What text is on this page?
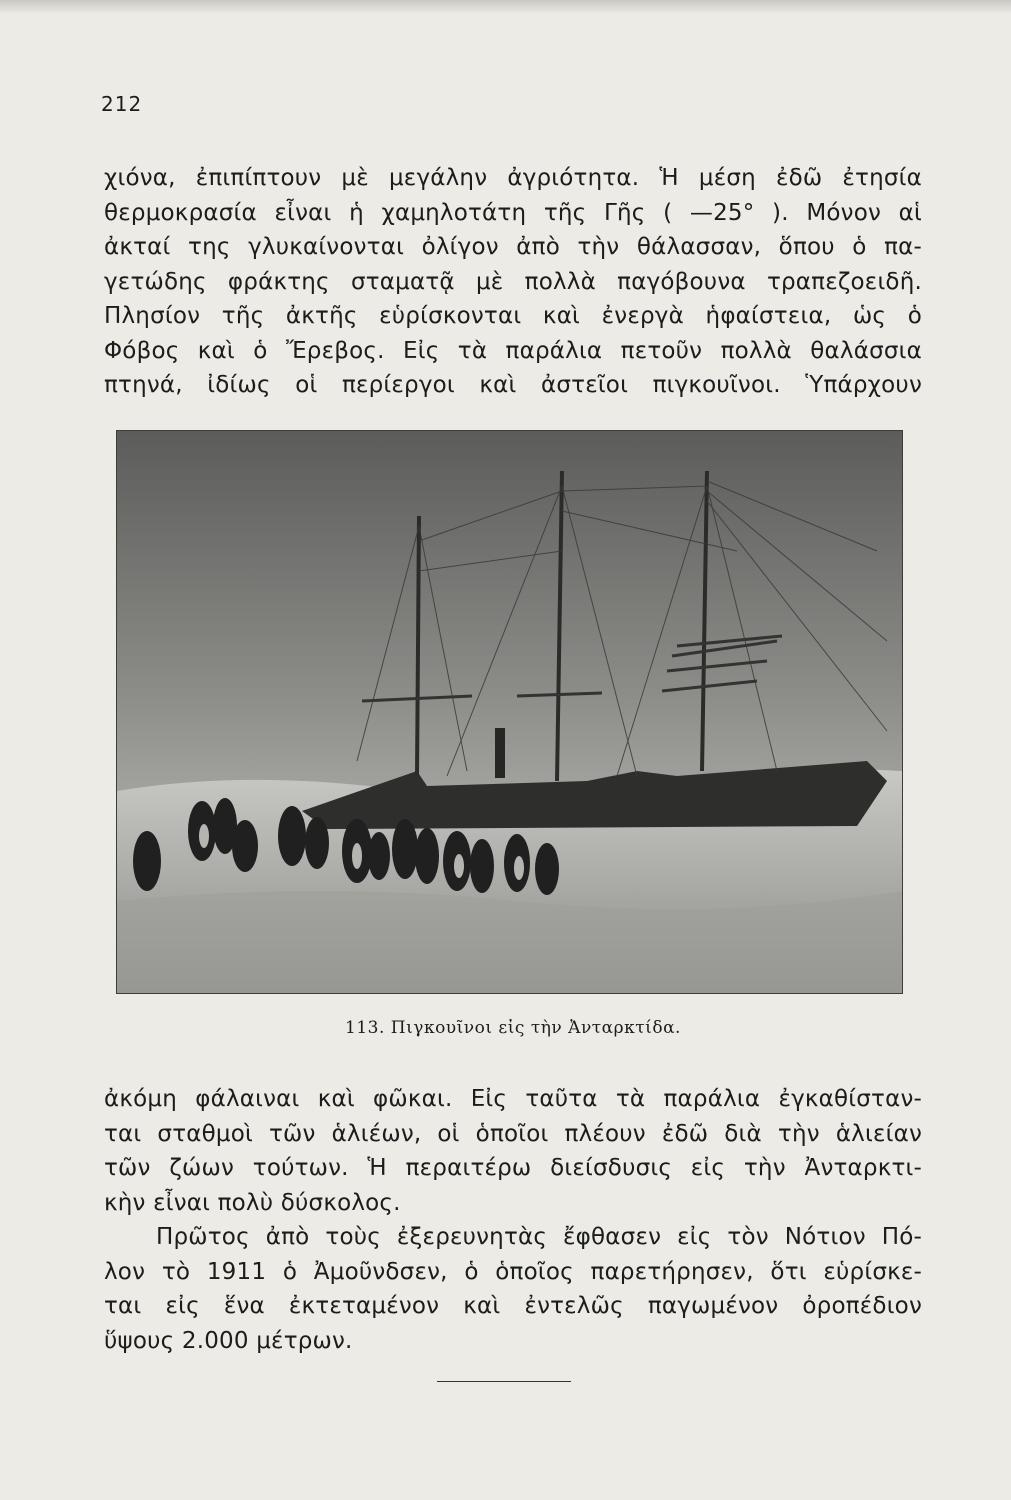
212
χιόνα, ἐπιπίπτουν μὲ μεγάλην ἀγριότητα. Ἡ μέση ἐδῶ ἐτησία
θερμοκρασία εἶναι ἡ χαμηλοτάτη τῆς Γῆς ( —25° ). Μόνον αἱ
ἀκταί της γλυκαίνονται ὀλίγον ἀπὸ τὴν θάλασσαν, ὅπου ὁ πα-
γετώδης φράκτης σταματᾷ μὲ πολλὰ παγόβουνα τραπεζοειδῆ.
Πλησίον τῆς ἀκτῆς εὑρίσκονται καὶ ἐνεργὰ ἡφαίστεια, ὡς ὁ
Φόβος καὶ ὁ Ἔρεβος. Εἰς τὰ παράλια πετοῦν πολλὰ θαλάσσια
πτηνά, ἰδίως οἱ περίεργοι καὶ ἀστεῖοι πιγκουῖνοι. Ὑπάρχουν
113. Πιγκουῖνοι εἰς τὴν Ἀνταρκτίδα.
ἀκόμη φάλαιναι καὶ φῶκαι. Εἰς ταῦτα τὰ παράλια ἐγκαθίσταν-
ται σταθμοὶ τῶν ἁλιέων, οἱ ὁποῖοι πλέουν ἐδῶ διὰ τὴν ἁλιείαν
τῶν ζώων τούτων. Ἡ περαιτέρω διείσδυσις εἰς τὴν Ἀνταρκτι-
κὴν εἶναι πολὺ δύσκολος.
Πρῶτος ἀπὸ τοὺς ἐξερευνητὰς ἔφθασεν εἰς τὸν Νότιον Πό-
λον τὸ 1911 ὁ Ἀμοῦνδσεν, ὁ ὁποῖος παρετήρησεν, ὅτι εὑρίσκε-
ται εἰς ἕνα ἐκτεταμένον καὶ ἐντελῶς παγωμένον ὀροπέδιον
ὕψους 2.000 μέτρων.
